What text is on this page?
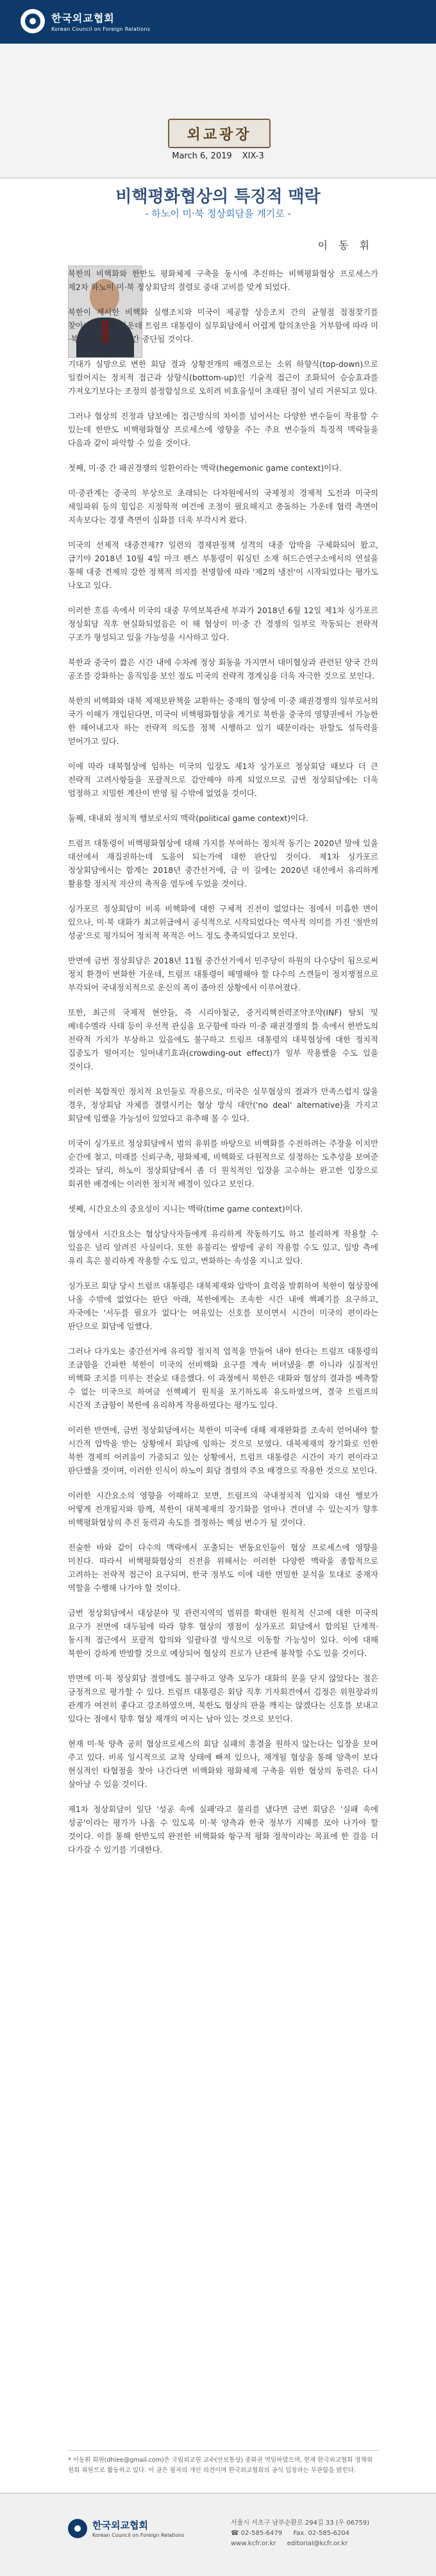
한국외교협회
Korean Council on Foreign Relations
외교광장
March 6, 2019 XIX-3
비핵평화협상의 특징적 맥락
- 하노이 미·북 정상회담을 계기로 -
이 동 휘

북한의 비핵화와 한반도 평화체제 구축을 동시에 추진하는 비핵평화협상 프로세스가 제2차 하노이 미·북 정상회담의 결렬로 중대 고비를 맞게 되었다.

북한이 제시한 비핵화 실행조치와 미국이 제공할 상응조치 간의 균형점 접점찾기를 찾아내지 못한 가운데 트럼프 대통령이 실무회담에서 어렵게 합의초안을 거부함에 따라 미·북 간 협상이 장기간 중단될 것이다.

기대가 실망으로 변한 회담 결과 상황전개의 배경으로는 소위 하향식(top-down)으로 일컬어지는 정치적 접근과 상향식(bottom-up)인 기술적 접근이 조화되어 승승효과를 가져오기보다는 조정의 불정합성으로 오히려 비효율성이 초래된 점이 널리 거론되고 있다.

그러나 협상의 진정과 담보에는 접근방식의 차이를 넘어서는 다양한 변수들이 작용할 수 있는데 한반도 비핵평화협상 프로세스에 영향을 주는 주요 변수들의 특징적 맥락들을 다음과 같이 파악할 수 있을 것이다.

첫째, 미·중 간 패권경쟁의 일환이라는 맥락(hegemonic game context)이다.

미·중관계는 중국의 부상으로 초래되는 다차원에서의 국제정치 경제적 도전과 미국의 세일파워 등의 힘입은 지정학적 여건에 조정이 필요해지고 충돌하는 가운데 협력 측면이 지속보다는 경쟁 측면이 심화를 더욱 부각시켜 왔다.

미국의 선제적 대중견제?? 일련의 경제판정책 성격의 대중 압박을 구체화되어 왔고, 급기야 2018년 10월 4일 마크 펜스 부통령이 워싱턴 소재 허드슨연구소에서의 연설을 통해 대중 견제의 강한 정책적 의지를 천명함에 따라 '제2의 냉전'이 시작되었다는 평가도 나오고 있다.

이러한 흐름 속에서 미국의 대중 무역보복관세 부과가 2018년 6월 12일 제1차 싱가포르 정상회담 직후 현실화되었음은 이 해 협상이 미·중 간 경쟁의 일부로 작동되는 전략적 구조가 형성되고 있을 가능성을 시사하고 있다.

북한과 중국이 짧은 시간 내에 수차례 정상 회동을 가지면서 대미협상과 관련된 양국 간의 공조를 강화하는 움직임을 보인 점도 미국의 전략적 경계심을 더욱 자극한 것으로 보인다.

북한의 비핵화와 대북 제재보완책을 교환하는 중재의 협상에 미·중 패권경쟁의 일부로서의 국가 이해가 개입된다면, 미국이 비핵평화협상을 게기로 북한을 중국의 영향권에서 가능한 한 해어내고자 하는 전략적 의도를 정책 시행하고 있기 때문이라는 판할도 설득력을 얻어가고 있다.

이에 따라 대북협상에 임하는 미국의 입장도 제1차 싱가포르 정상회담 때보다 더 큰 전략적 고려사항들을 포괄적으로 감안해야 하게 되었으므로 금번 정상회담에는 더욱 엄정하고 치밀한 계산이 반영 될 수밖에 없었을 것이다.

둘째, 대내외 정치적 행보로서의 맥락(political game context)이다.

트럼프 대통령이 비핵평화협상에 대해 가지를 부여하는 정치적 동기는 2020년 말에 있을 대선에서 재집권하는데 도움이 되는가에 대한 판단일 것이다. 제1차 싱가포르 정상회담에서는 합계는 2018년 중간선거에, 금 이 길에는 2020년 대선에서 유리하게 활용할 정치적 자산의 축적을 염두에 두었을 것이다.

싱가포르 정상회담이 비록 비핵화에 대한 구체적 진전이 없었다는 점에서 미흡한 면이 있으나, 미·북 대화가 최고위급에서 공식적으로 시작되었다는 역사적 의미를 가진 '절반의 성공'으로 평가되어 정치적 목적은 어느 정도 충족되었다고 보인다.

반면에 금번 정상회담은 2018년 11월 중간선거에서 민주당이 하원의 다수당이 됨으로써 정치 환경이 변화한 가운데, 트럼프 대통령이 해명해야 할 다수의 스캔들이 정치쟁점으로 부각되어 국내정치적으로 운신의 폭이 좁아진 상황에서 이루어졌다.

또한, 최근의 국제적 현안들, 즉 시리아철군, 중거리핵전력조약조약(INF) 탈퇴 및 베네수엘라 사태 등이 우선적 관심을 요구함에 따라 미·중 패권경쟁의 틀 속에서 한반도의 전략적 가치가 부상하고 있음에도 불구하고 트럼프 대통령의 대북협상에 대한 정치적 집중도가 떨어지는 일어내기효과(crowding-out effect)가 일부 작용했을 수도 있을 것이다.

이러한 복합적인 정치적 요인들로 작용으로, 미국은 실무협상의 결과가 만족스럽지 않을 경우, 정상회담 자체를 결렬시키는 협상 방식 대안('no deal' alternative)을 가지고 회담에 임했을 가능성이 있었다고 유추해 볼 수 있다.

미국이 싱가포르 정상회담에서 범의 유위를 바탕으로 비핵화를 수전하려는 주장을 이치만 순간에 철고, 미래를 신뢰구축, 평화체제, 비핵화로 다원적으로 설정하는 도추성을 보여준 것과는 달리, 하노이 정상회담에서 좀 더 원칙적인 입장을 고수하는 완고한 입장으로 회귀한 배경에는 이러한 정치적 배경이 있다고 보인다.

셋째, 시간요소의 중요성이 지니는 맥락(time game context)이다.

협상에서 시간요소는 협상당사자들에게 유리하게 작동하기도 하고 불리하게 작용할 수 있음은 널리 알려진 사실이다. 또한 유불리는 쌍방에 공히 작용할 수도 있고, 일방 측에 유리 혹은 불리하게 작용할 수도 있고, 변화하는 속성을 지니고 있다.

싱가포르 회담 당시 트럼프 대통령은 대북제재와 압박이 효력을 발휘하여 북한이 협상장에 나올 수밖에 없었다는 판단 아래, 북한에게는 조속한 시간 내에 핵폐기를 요구하고, 자국에는 '서두를 필요가 없다'는 여유있는 신호를 보이면서 시간이 미국의 편이라는 판단으로 회담에 임했다.

그러나 다가오는 중간선거에 유리할 정치적 업적을 만들어 내야 한다는 트럼프 대통령의 조급함을 간파한 북한이 미국의 선비핵화 요구를 계속 버텨냈을 뿐 아니라 실질적인 비핵화 조치를 미루는 전술로 대응했다. 이 과정에서 북한은 대화와 협상의 결과를 예측할 수 없는 미국으로 하여금 선핵폐기 원칙을 포기하도록 유도하였으며, 결국 트럼프의 시간적 조급함이 북한에 유리하게 작용하였다는 평가도 있다.

이러한 반면에, 금번 정상회담에서는 북한이 미국에 대해 제재완화를 조속히 얻어내야 할 시간적 압박을 받는 상황에서 회담에 임하는 것으로 보였다. 대북제재의 장기화로 인한 북한 경제의 어려움이 가중되고 있는 상황에서, 트럼프 대통령은 시간이 자기 편이라고 판단했을 것이며, 이러한 인식이 하노이 회담 결렬의 주요 배경으로 작용한 것으로 보인다.

이러한 시간요소의 영향을 이해하고 보면, 트럼프의 국내정치적 입지와 대선 행보가 어떻게 전개될지와 함께, 북한이 대북제재의 장기화를 얼마나 견뎌낼 수 있는지가 향후 비핵평화협상의 추진 동력과 속도를 결정하는 핵심 변수가 될 것이다.

전술한 바와 같이 다수의 맥락에서 포출되는 변동요인들이 협상 프로세스에 영향을 미친다. 따라서 비핵평화협상의 진전을 위해서는 이러한 다양한 맥락을 종합적으로 고려하는 전략적 접근이 요구되며, 한국 정부도 이에 대한 면밀한 분석을 토대로 중재자 역할을 수행해 나가야 할 것이다.

금번 정상회담에서 대상분야 및 관련지역의 범위를 확대한 원칙적 신고에 대한 미국의 요구가 전면에 대두됨에 따라 향후 협상의 쟁점이 싱가포르 회담에서 합의된 단계적·동시적 접근에서 포괄적 합의와 일괄타결 방식으로 이동할 가능성이 있다. 이에 대해 북한이 강하게 반발할 것으로 예상되어 협상의 진로가 난관에 봉착할 수도 있을 것이다.

반면에 미·북 정상회담 결렬에도 불구하고 양측 모두가 대화의 문을 닫지 않았다는 점은 긍정적으로 평가할 수 있다. 트럼프 대통령은 회담 직후 기자회견에서 김정은 위원장과의 관계가 여전히 좋다고 강조하였으며, 북한도 협상의 판을 깨지는 않겠다는 신호를 보내고 있다는 점에서 향후 협상 재개의 여지는 남아 있는 것으로 보인다.

현재 미·북 양측 공히 협상프로세스의 회담 실패의 흥결을 원하지 않는다는 입장을 보여 주고 있다. 비록 일시적으로 교착 상태에 빠져 있으나, 재개될 협상을 통해 양측이 보다 현실적인 타협점을 찾아 나간다면 비핵화와 평화체제 구축을 위한 협상의 동력은 다시 살아날 수 있을 것이다.

제1차 정상회담이 일단 '성공 속에 실패'라고 불리를 냈다면 금번 회담은 '실패 속에 성공'이라는 평가가 나올 수 있도록 미·북 양측과 한국 정부가 지혜를 모아 나가야 할 것이다. 이를 통해 한반도의 완전한 비핵화와 항구적 평화 정착이라는 목표에 한 걸음 더 다가갈 수 있기를 기대한다.

* 이동휘 회원(dhlee@gmail.com)은 국립외교원 교수(안보통상) 중화권 역임하였으며, 현재 한국외교협회 정책위원회 위원으로 활동하고 있다. 이 글은 필자의 개인 의견이며 한국외교협회의 공식 입장과는 무관함을 밝힌다.
한국외교협회
Korean Council on Foreign Relations
서울시 서초구 남부순환로 294길 33 (우 06759)
☎ 02-585-6479 Fax. 02-585-6204
www.kcfr.or.kr editorial@kcfr.or.kr
